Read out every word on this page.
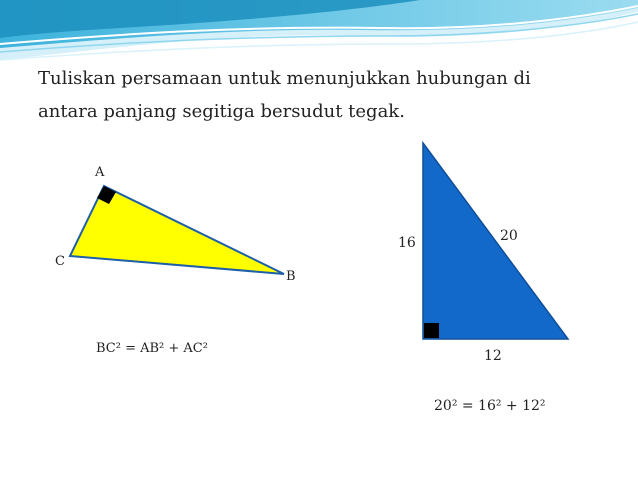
Tuliskan persamaan untuk menunjukkan hubungan di
antara panjang segitiga bersudut tegak.
A
C
B
16	20
12
BC² = AB² + AC²
20² = 16² + 12²
